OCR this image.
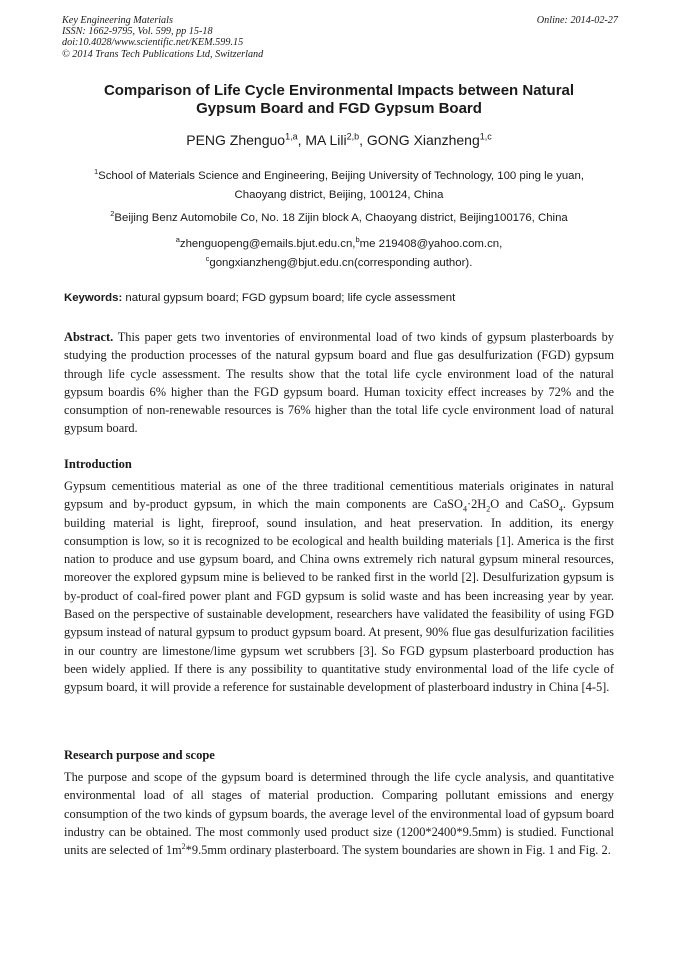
Key Engineering Materials
ISSN: 1662-9795, Vol. 599, pp 15-18
doi:10.4028/www.scientific.net/KEM.599.15
© 2014 Trans Tech Publications Ltd, Switzerland
Online: 2014-02-27
Comparison of Life Cycle Environmental Impacts between Natural
Gypsum Board and FGD Gypsum Board
PENG Zhenguo$^{1,a}$, MA Lili$^{2,b}$, GONG Xianzheng$^{1,c}$
$^1$School of Materials Science and Engineering, Beijing University of Technology, 100 ping le yuan,
Chaoyang district, Beijing, 100124, China
$^2$Beijing Benz Automobile Co, No. 18 Zijin block A, Chaoyang district, Beijing100176, China
$^a$zhenguopeng@emails.bjut.edu.cn,$^b$me 219408@yahoo.com.cn,
$^c$gongxianzheng@bjut.edu.cn(corresponding author).
Keywords: natural gypsum board; FGD gypsum board; life cycle assessment
Abstract. This paper gets two inventories of environmental load of two kinds of gypsum plasterboards by studying the production processes of the natural gypsum board and flue gas desulfurization (FGD) gypsum through life cycle assessment. The results show that the total life cycle environment load of the natural gypsum boardis 6% higher than the FGD gypsum board. Human toxicity effect increases by 72% and the consumption of non-renewable resources is 76% higher than the total life cycle environment load of natural gypsum board.
Introduction
Gypsum cementitious material as one of the three traditional cementitious materials originates in natural gypsum and by-product gypsum, in which the main components are $CaSO_4\cdot 2H_2O$ and CaSO$_4$. Gypsum building material is light, fireproof, sound insulation, and heat preservation. In addition, its energy consumption is low, so it is recognized to be ecological and health building materials [1]. America is the first nation to produce and use gypsum board, and China owns extremely rich natural gypsum mineral resources, moreover the explored gypsum mine is believed to be ranked first in the world [2]. Desulfurization gypsum is by-product of coal-fired power plant and FGD gypsum is solid waste and has been increasing year by year. Based on the perspective of sustainable development, researchers have validated the feasibility of using FGD gypsum instead of natural gypsum to product gypsum board. At present, 90% flue gas desulfurization facilities in our country are limestone/lime gypsum wet scrubbers [3]. So FGD gypsum plasterboard production has been widely applied. If there is any possibility to quantitative study environmental load of the life cycle of gypsum board, it will provide a reference for sustainable development of plasterboard industry in China [4-5].
Research purpose and scope
The purpose and scope of the gypsum board is determined through the life cycle analysis, and quantitative environmental load of all stages of material production. Comparing pollutant emissions and energy consumption of the two kinds of gypsum boards, the average level of the environmental load of gypsum board industry can be obtained. The most commonly used product size (1200*2400*9.5mm) is studied. Functional units are selected of $1m^2*9.5mm$ ordinary plasterboard. The system boundaries are shown in Fig. 1 and Fig. 2.
